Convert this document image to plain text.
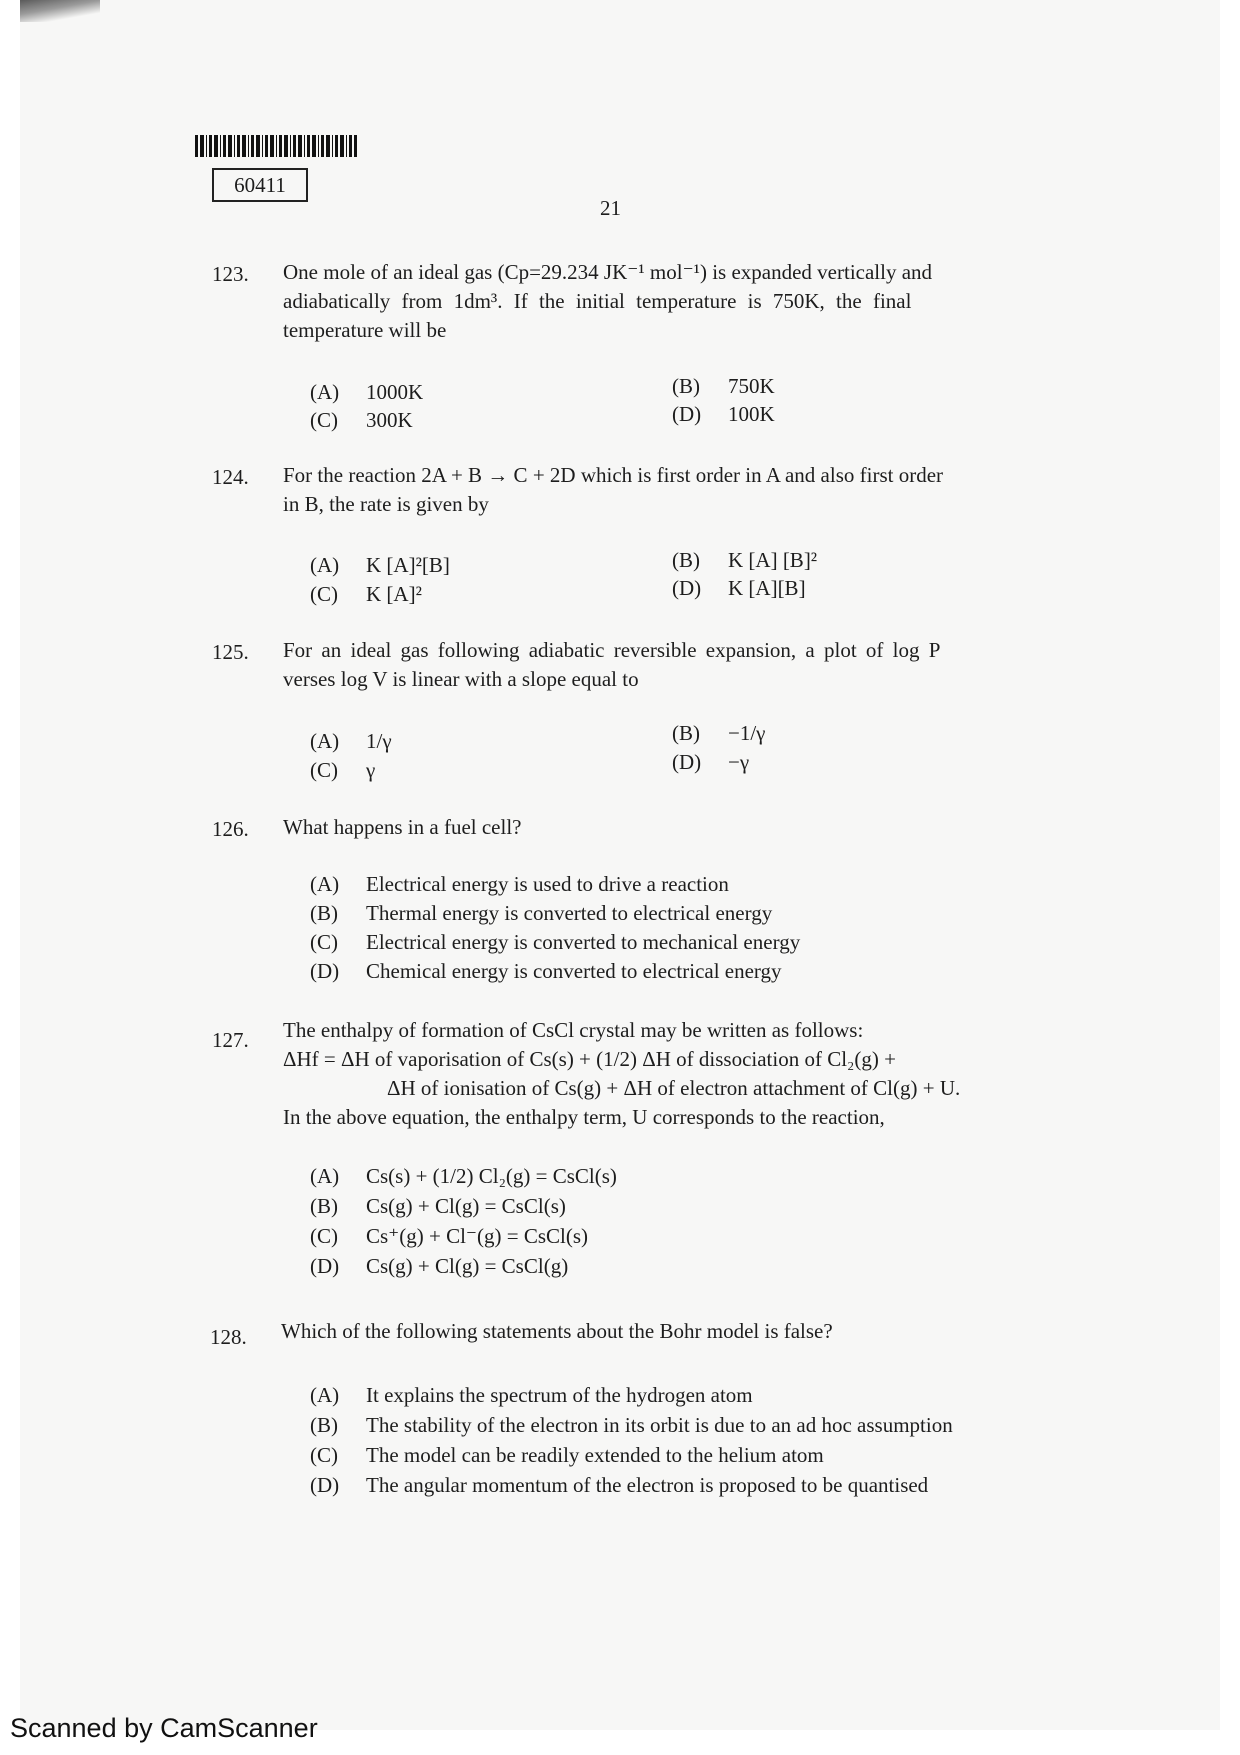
60411
21
123. One mole of an ideal gas (Cp=29.234 JK⁻¹ mol⁻¹) is expanded vertically and
adiabatically from 1dm³. If the initial temperature is 750K, the final
temperature will be
(A) 1000K	(B) 750K
(C) 300K	(D) 100K
124. For the reaction 2A + B → C + 2D which is first order in A and also first order
in B, the rate is given by
(A) K [A]²[B]	(B) K [A] [B]²
(C) K [A]²	(D) K [A][B]
125. For an ideal gas following adiabatic reversible expansion, a plot of log P
verses log V is linear with a slope equal to
(A) 1/γ	(B) −1/γ
(C) γ	(D) −γ
126. What happens in a fuel cell?
(A) Electrical energy is used to drive a reaction
(B) Thermal energy is converted to electrical energy
(C) Electrical energy is converted to mechanical energy
(D) Chemical energy is converted to electrical energy
127. The enthalpy of formation of CsCl crystal may be written as follows:
ΔHf = ΔH of vaporisation of Cs(s) + (1/2) ΔH of dissociation of Cl₂(g) +
ΔH of ionisation of Cs(g) + ΔH of electron attachment of Cl(g) + U.
In the above equation, the enthalpy term, U corresponds to the reaction,
(A) Cs(s) + (1/2) Cl₂(g) = CsCl(s)
(B) Cs(g) + Cl(g) = CsCl(s)
(C) Cs⁺(g) + Cl⁻(g) = CsCl(s)
(D) Cs(g) + Cl(g) = CsCl(g)
128. Which of the following statements about the Bohr model is false?
(A) It explains the spectrum of the hydrogen atom
(B) The stability of the electron in its orbit is due to an ad hoc assumption
(C) The model can be readily extended to the helium atom
(D) The angular momentum of the electron is proposed to be quantised
Scanned by CamScanner
